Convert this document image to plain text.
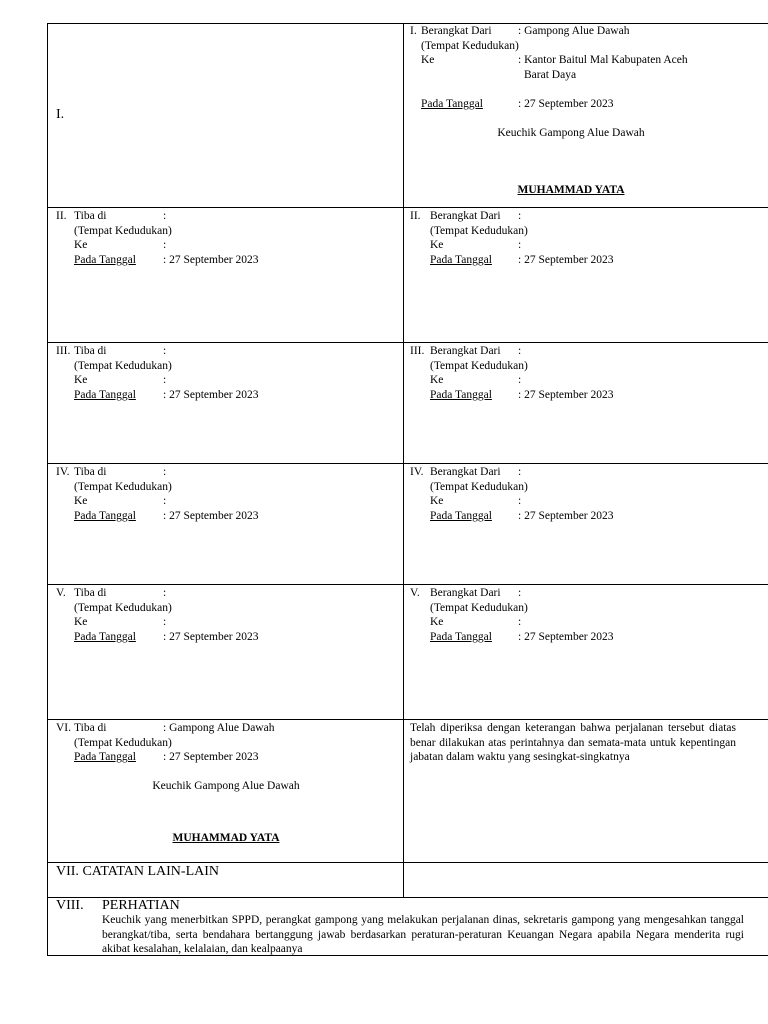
I.
I. Berangkat Dari : Gampong Alue Dawah
(Tempat Kedudukan)
Ke	: Kantor Baitul Mal Kabupaten Aceh
Barat Daya
Pada Tanggal	: 27 September 2023
Keuchik Gampong Alue Dawah
MUHAMMAD YATA
II. Tiba di	:
(Tempat Kedudukan)
Ke	:
Pada Tanggal : 27 September 2023
II. Berangkat Dari :
(Tempat Kedudukan)
Ke	:
Pada Tanggal : 27 September 2023
III. Tiba di	:
(Tempat Kedudukan)
Ke	:
Pada Tanggal : 27 September 2023
III. Berangkat Dari :
(Tempat Kedudukan)
Ke	:
Pada Tanggal : 27 September 2023
IV. Tiba di	:
(Tempat Kedudukan)
Ke	:
Pada Tanggal : 27 September 2023
IV. Berangkat Dari :
(Tempat Kedudukan)
Ke	:
Pada Tanggal : 27 September 2023
V. Tiba di	:
(Tempat Kedudukan)
Ke	:
Pada Tanggal : 27 September 2023
V. Berangkat Dari :
(Tempat Kedudukan)
Ke	:
Pada Tanggal : 27 September 2023
VI. Tiba di	: Gampong Alue Dawah
(Tempat Kedudukan)
Pada Tanggal : 27 September 2023
Keuchik Gampong Alue Dawah
MUHAMMAD YATA
Telah diperiksa dengan keterangan bahwa perjalanan tersebut diatas benar dilakukan atas perintahnya dan semata-mata untuk kepentingan jabatan dalam waktu yang sesingkat-singkatnya
VII. CATATAN LAIN-LAIN
VIII. PERHATIAN
Keuchik yang menerbitkan SPPD, perangkat gampong yang melakukan perjalanan dinas, sekretaris gampong yang mengesahkan tanggal berangkat/tiba, serta bendahara bertanggung jawab berdasarkan peraturan-peraturan Keuangan Negara apabila Negara menderita rugi akibat kesalahan, kelalaian, dan kealpaanya
